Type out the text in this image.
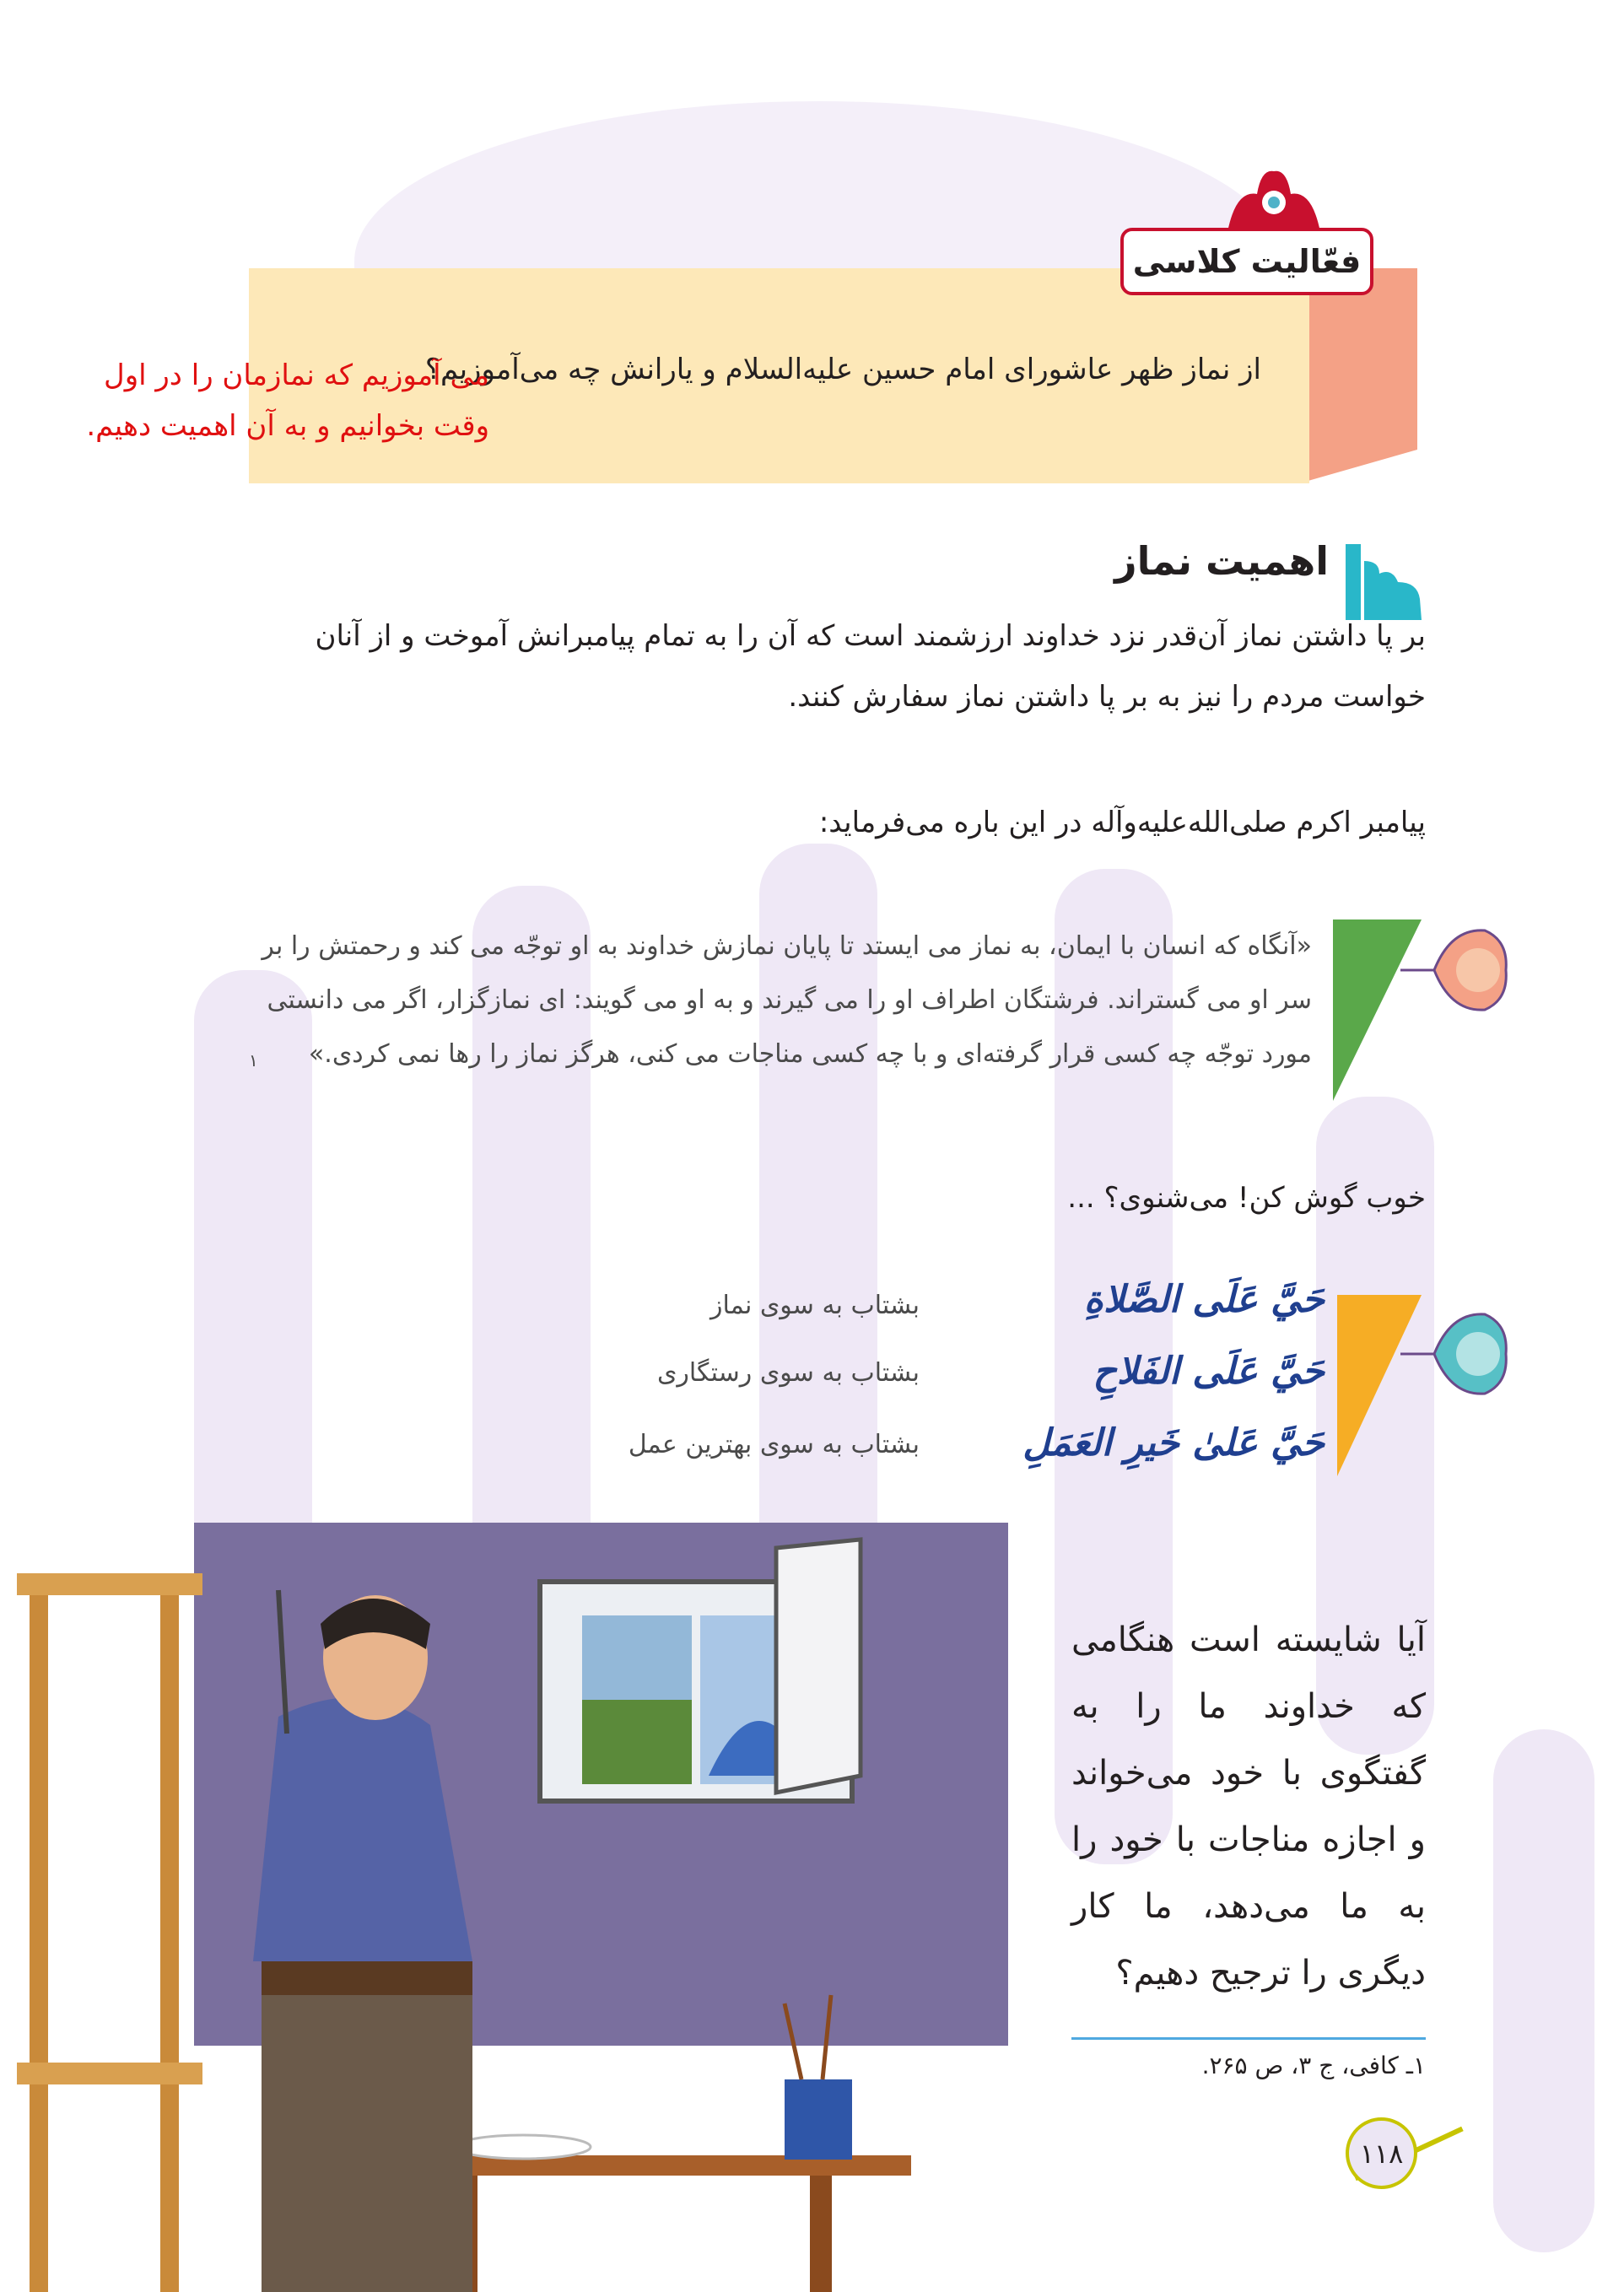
فعّالیت کلاسی
از نماز ظهر عاشورای امام حسین علیه‌السلام و یارانش چه می‌آموزیم؟
می آموزیم که نمازمان را در اول وقت بخوانیم و به آن اهمیت دهیم.
اهمیت نماز
بر پا داشتن نماز آن‌قدر نزد خداوند ارزشمند است که آن را به تمام پیامبرانش آموخت و از آنان خواست مردم را نیز به بر پا داشتن نماز سفارش کنند.
پیامبر اکرم صلی‌الله‌علیه‌وآله در این باره می‌فرماید:
«آنگاه که انسان با ایمان، به نماز می ایستد تا پایان نمازش خداوند به او توجّه می کند و رحمتش را بر سر او می گستراند. فرشتگان اطراف او را می گیرند و به او می گویند: ای نمازگزار، اگر می دانستی مورد توجّه چه کسی قرار گرفته‌ای و با چه کسی مناجات می کنی، هرگز نماز را رها نمی کردی.»
۱
خوب گوش کن! می‌شنوی؟ ...
حَيَّ عَلَى الصَّلاةِ
حَيَّ عَلَى الفَلاحِ
حَيَّ عَلىٰ خَيرِ العَمَلِ
بشتاب به سوی نماز
بشتاب به سوی رستگاری
بشتاب به سوی بهترین عمل
آیا شایسته است هنگامی که خداوند ما را به گفتگوی با خود می‌خواند و اجازه مناجات با خود را به ما می‌دهد، ما کار دیگری را ترجیح دهیم؟
۱ـ کافی، ج ۳، ص ۲۶۵.
۱۱۸
